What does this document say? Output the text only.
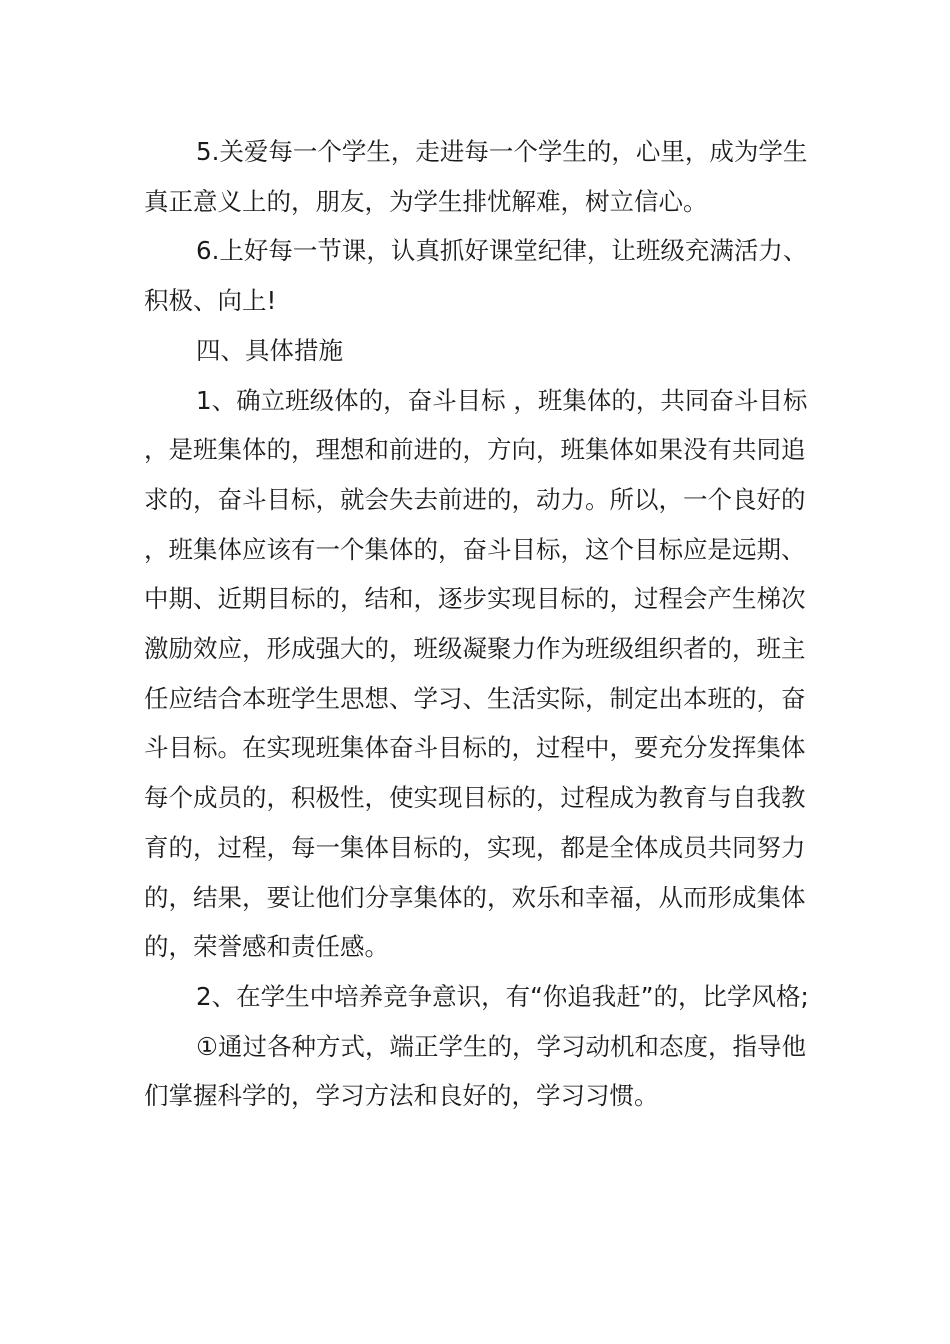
5.关爱每一个学生，走进每一个学生的，心里，成为学生真正意义上的，朋友，为学生排忧解难，树立信心。

6.上好每一节课，认真抓好课堂纪律，让班级充满活力、积极、向上!

四、具体措施

1、确立班级体的，奋斗目标 ，班集体的，共同奋斗目标，是班集体的，理想和前进的，方向，班集体如果没有共同追求的，奋斗目标，就会失去前进的，动力。所以，一个良好的，班集体应该有一个集体的，奋斗目标，这个目标应是远期、中期、近期目标的，结和，逐步实现目标的，过程会产生梯次激励效应，形成强大的，班级凝聚力作为班级组织者的，班主任应结合本班学生思想、学习、生活实际，制定出本班的，奋斗目标。在实现班集体奋斗目标的，过程中，要充分发挥集体每个成员的，积极性，使实现目标的，过程成为教育与自我教育的，过程，每一集体目标的，实现，都是全体成员共同努力的，结果，要让他们分享集体的，欢乐和幸福，从而形成集体的，荣誉感和责任感。

2、在学生中培养竞争意识，有“你追我赶”的，比学风格;

①通过各种方式，端正学生的，学习动机和态度，指导他们掌握科学的，学习方法和良好的，学习习惯。
